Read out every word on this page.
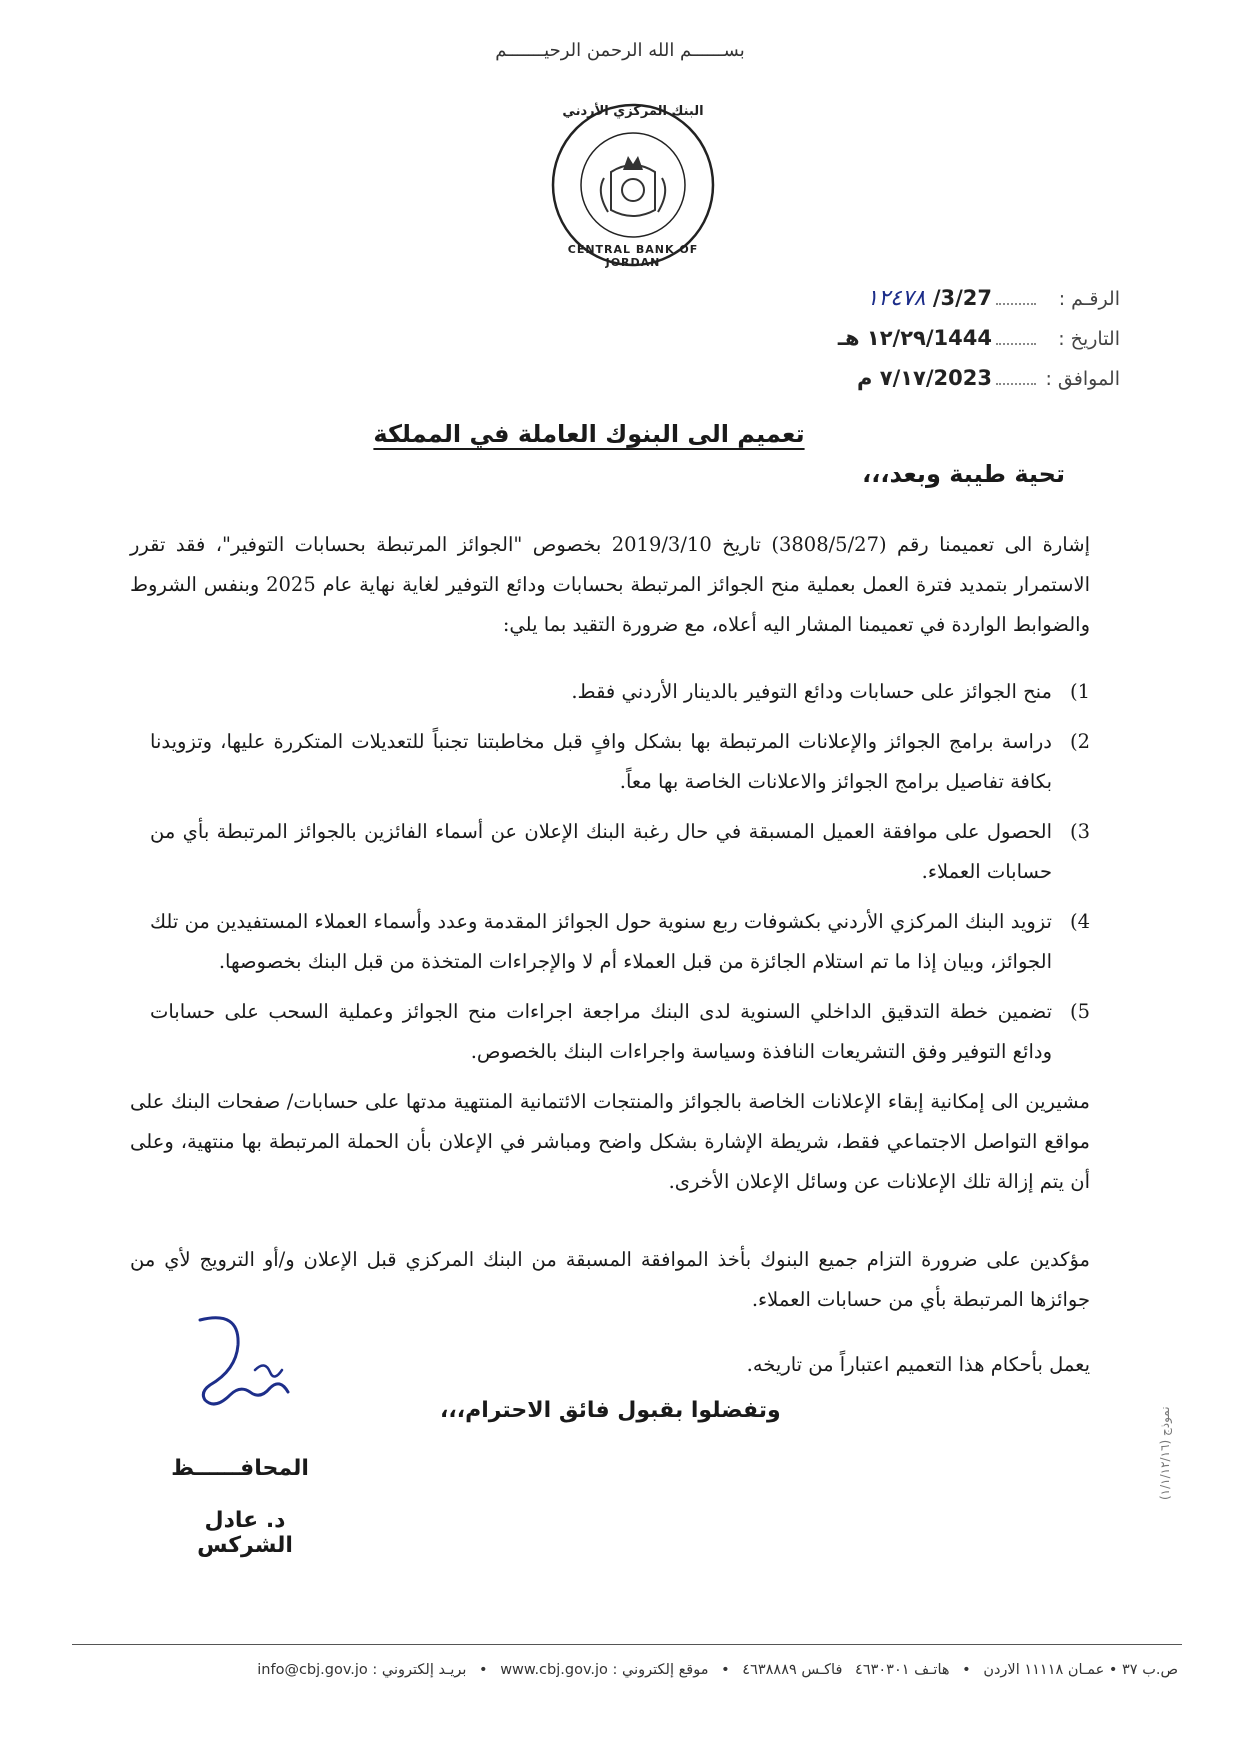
بســــــم الله الرحمن الرحيـــــــم
البنك المركزي الأردني
CENTRAL BANK OF JORDAN
الرقـم :
١٢٤٧٨ /3/27
التاريخ :
1444/١٢/٢٩ هـ
الموافق :
2023/٧/١٧ م
تعميم الى البنوك العاملة في المملكة
تحية طيبة وبعد،،،
إشارة الى تعميمنا رقم (3808/5/27) تاريخ 2019/3/10 بخصوص "الجوائز المرتبطة بحسابات التوفير"، فقد تقرر الاستمرار بتمديد فترة العمل بعملية منح الجوائز المرتبطة بحسابات ودائع التوفير لغاية نهاية عام 2025 وبنفس الشروط والضوابط الواردة في تعميمنا المشار اليه أعلاه، مع ضرورة التقيد بما يلي:
1)
منح الجوائز على حسابات ودائع التوفير بالدينار الأردني فقط.
2)
دراسة برامج الجوائز والإعلانات المرتبطة بها بشكل وافٍ قبل مخاطبتنا تجنباً للتعديلات المتكررة عليها، وتزويدنا بكافة تفاصيل برامج الجوائز والاعلانات الخاصة بها معاً.
3)
الحصول على موافقة العميل المسبقة في حال رغبة البنك الإعلان عن أسماء الفائزين بالجوائز المرتبطة بأي من حسابات العملاء.
4)
تزويد البنك المركزي الأردني بكشوفات ربع سنوية حول الجوائز المقدمة وعدد وأسماء العملاء المستفيدين من تلك الجوائز، وبيان إذا ما تم استلام الجائزة من قبل العملاء أم لا والإجراءات المتخذة من قبل البنك بخصوصها.
5)
تضمين خطة التدقيق الداخلي السنوية لدى البنك مراجعة اجراءات منح الجوائز وعملية السحب على حسابات ودائع التوفير وفق التشريعات النافذة وسياسة واجراءات البنك بالخصوص.
مشيرين الى إمكانية إبقاء الإعلانات الخاصة بالجوائز والمنتجات الائتمانية المنتهية مدتها على حسابات/ صفحات البنك على مواقع التواصل الاجتماعي فقط، شريطة الإشارة بشكل واضح ومباشر في الإعلان بأن الحملة المرتبطة بها منتهية، وعلى أن يتم إزالة تلك الإعلانات عن وسائل الإعلان الأخرى.
مؤكدين على ضرورة التزام جميع البنوك بأخذ الموافقة المسبقة من البنك المركزي قبل الإعلان و/أو الترويج لأي من جوائزها المرتبطة بأي من حسابات العملاء.
يعمل بأحكام هذا التعميم اعتباراً من تاريخه.
وتفضلوا بقبول فائق الاحترام،،،
المحافــــــظ
د. عادل الشركس
نموذج (١/١/١٢/١٦)
ص.ب ٣٧ • عمـان ١١١١٨ الاردن • هاتـف ٤٦٣٠٣٠١ فاكـس ٤٦٣٨٨٨٩ • موقع إلكتروني : www.cbj.gov.jo • بريـد إلكتروني : info@cbj.gov.jo
